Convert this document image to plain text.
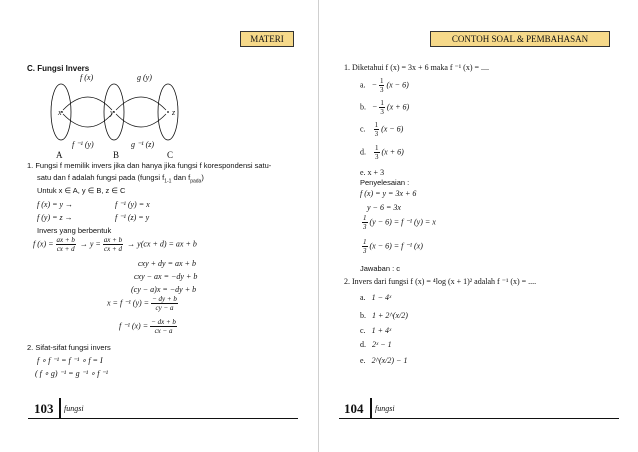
MATERI
C. Fungsi Invers
f (x)	g (y)
x	y	z
f ⁻¹ (y)	g ⁻¹ (z)
A	B	C
1. Fungsi f memilik invers jika dan hanya jika fungsi f korespondensi satu-
satu dan f adalah fungsi pada (fungsi $f_{1-1}$ dan $f_{pada}$)
Untuk x ∈ A, y ∈ B, z ∈ C
f (x) = y →	f ⁻¹ (y) = x
f (y) = z →	f ⁻¹ (z) = y
Invers yang berbentuk
f $(x) = \frac{ax + b}{cx + d} \to y = \frac{ax + b}{cx + d} \to y(cx + d)$ = ax + b
cxy + dy = ax + b
cxy − ax = −dy + b
(cy − a)x = −dy + b
x = f ⁻¹ $(y) = \frac{- dy + b}{cy - a}$
f ⁻¹ $(x) = \frac{- dx + b}{cx - a}$
2. Sifat-sifat fungsi invers
f ∘ f ⁻¹ = f ⁻¹ ∘ f = I
( f ∘ g) ⁻¹ = g ⁻¹ ∘ f ⁻¹
103 fungsi
CONTOH SOAL & PEMBAHASAN
1. Diketahui f (x) = 3x + 6 maka f ⁻¹ (x) = ....
a. − $\frac{1}{3} (x - 6)$
b. − $\frac{1}{3} (x + 6)$
c. $\frac{1}{3} (x - 6)$
d. $\frac{1}{3} (x + 6)$
e. x + 3
Penyelesaian :
f (x) = y = 3x + 6
y − 6 = 3x
$\frac{1}{3} (y - 6) = f$ ⁻¹ (y) = x
$\frac{1}{3} (x - 6) = f$ ⁻¹ (x)
Jawaban : c
2. Invers dari fungsi f (x) = ⁴log (x + 1)² adalah f ⁻¹ (x) = ....
a. 1 − 4ˣ
b. 1 + 2^(x/2)
c. 1 + 4ˣ
d. 2ˣ − 1
e. 2^(x/2) − 1
104 fungsi
